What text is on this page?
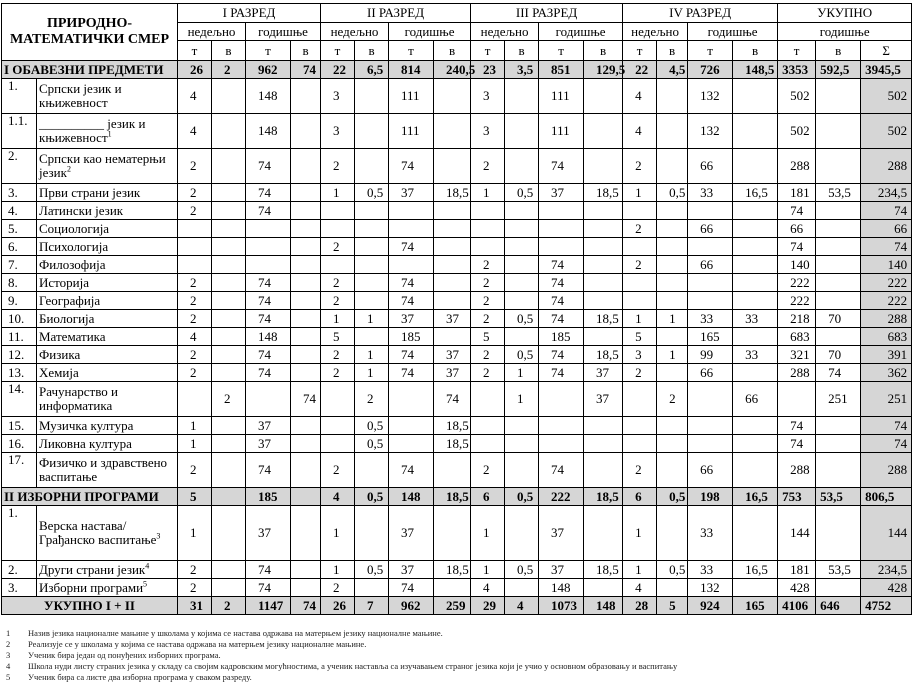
ПРИРОДНО-МАТЕМАТИЧКИ СМЕР		I РАЗРЕД				II РАЗРЕД				III РАЗРЕД				IV РАЗРЕД				УКУПНО		
		недељно		годишње		недељно		годишње		недељно		годишње		недељно		годишње		годишње		
		т	в	т	в	т	в	т	в	т	в	т	в	т	в	т	в	т	в	Σ
I ОБАВЕЗНИ ПРЕДМЕТИ		26	2	962	74	22	6,5	814	240,5	23	3,5	851	129,5	22	4,5	726	148,5	3353	592,5	3945,5
1.	Српски језик и књижевност	4		148		3		111		3		111		4		132		502		502
1.1.	__________ језик и књижевност$^1$	4		148		3		111		3		111		4		132		502		502
2.	Српски као нематерњи језик$^2$	2		74		2		74		2		74		2		66		288		288
3.	Први страни језик	2		74		1	0,5	37	18,5	1	0,5	37	18,5	1	0,5	33	16,5	181	53,5	234,5
4.	Латински језик	2		74														74		74
5.	Социологија													2		66		66		66
6.	Психологија					2		74										74		74
7.	Филозофија									2		74		2		66		140		140
8.	Историја	2		74		2		74		2		74						222		222
9.	Географија	2		74		2		74		2		74						222		222
10.	Биологија	2		74		1	1	37	37	2	0,5	74	18,5	1	1	33	33	218	70	288
11.	Математика	4		148		5		185		5		185		5		165		683		683
12.	Физика	2		74		2	1	74	37	2	0,5	74	18,5	3	1	99	33	321	70	391
13.	Хемија	2		74		2	1	74	37	2	1	74	37	2		66		288	74	362
14.	Рачунарство и информатика		2		74		2		74		1		37		2		66		251	251
15.	Музичка култура	1		37			0,5		18,5									74		74
16.	Ликовна култура	1		37			0,5		18,5									74		74
17.	Физичко и здравствено васпитање	2		74		2		74		2		74		2		66		288		288
II ИЗБОРНИ ПРОГРАМИ		5		185		4	0,5	148	18,5	6	0,5	222	18,5	6	0,5	198	16,5	753	53,5	806,5
1.	Верска настава/Грађанско васпитање$^3$	1		37		1		37		1		37		1		33		144		144
2.	Други страни језик$^4$	2		74		1	0,5	37	18,5	1	0,5	37	18,5	1	0,5	33	16,5	181	53,5	234,5
3.	Изборни програми$^5$	2		74		2		74		4		148		4		132		428		428
УКУПНО I + II		31	2	1147	74	26	7	962	259	29	4	1073	148	28	5	924	165	4106	646	4752
1	Назив језика националне мањине у школама у којима се настава одржава на матерњем језику националне мањине.
2	Реализује се у школама у којима се настава одржава на матерњем језику националне мањине.
3	Ученик бира један од понуђених изборних програма.
4	Школа нуди листу страних језика у складу са својим кадровским могућностима, а ученик наставља са изучавањем страног језика који је учио у основном образовању и васпитању
5	Ученик бира са листе два изборна програма у сваком разреду.
